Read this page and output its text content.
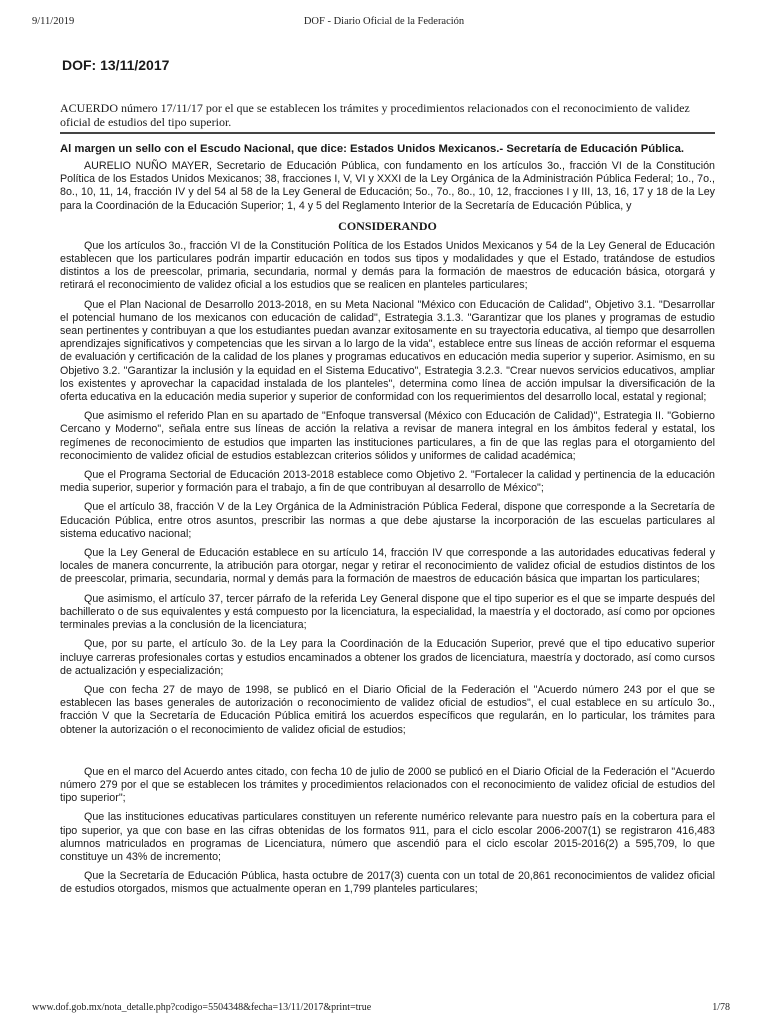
9/11/2019	DOF - Diario Oficial de la Federación
DOF: 13/11/2017

ACUERDO número 17/11/17 por el que se establecen los trámites y procedimientos relacionados con el reconocimiento de validez oficial de estudios del tipo superior.

Al margen un sello con el Escudo Nacional, que dice: Estados Unidos Mexicanos.- Secretaría de Educación Pública.

AURELIO NUÑO MAYER, Secretario de Educación Pública, con fundamento en los artículos 3o., fracción VI de la Constitución Política de los Estados Unidos Mexicanos; 38, fracciones I, V, VI y XXXI de la Ley Orgánica de la Administración Pública Federal; 1o., 7o., 8o., 10, 11, 14, fracción IV y del 54 al 58 de la Ley General de Educación; 5o., 7o., 8o., 10, 12, fracciones I y III, 13, 16, 17 y 18 de la Ley para la Coordinación de la Educación Superior; 1, 4 y 5 del Reglamento Interior de la Secretaría de Educación Pública, y

CONSIDERANDO

Que los artículos 3o., fracción VI de la Constitución Política de los Estados Unidos Mexicanos y 54 de la Ley General de Educación establecen que los particulares podrán impartir educación en todos sus tipos y modalidades y que el Estado, tratándose de estudios distintos a los de preescolar, primaria, secundaria, normal y demás para la formación de maestros de educación básica, otorgará y retirará el reconocimiento de validez oficial a los estudios que se realicen en planteles particulares;

Que el Plan Nacional de Desarrollo 2013-2018, en su Meta Nacional "México con Educación de Calidad", Objetivo 3.1. "Desarrollar el potencial humano de los mexicanos con educación de calidad", Estrategia 3.1.3. "Garantizar que los planes y programas de estudio sean pertinentes y contribuyan a que los estudiantes puedan avanzar exitosamente en su trayectoria educativa, al tiempo que desarrollen aprendizajes significativos y competencias que les sirvan a lo largo de la vida", establece entre sus líneas de acción reformar el esquema de evaluación y certificación de la calidad de los planes y programas educativos en educación media superior y superior. Asimismo, en su Objetivo 3.2. "Garantizar la inclusión y la equidad en el Sistema Educativo", Estrategia 3.2.3. "Crear nuevos servicios educativos, ampliar los existentes y aprovechar la capacidad instalada de los planteles", determina como línea de acción impulsar la diversificación de la oferta educativa en la educación media superior y superior de conformidad con los requerimientos del desarrollo local, estatal y regional;

Que asimismo el referido Plan en su apartado de "Enfoque transversal (México con Educación de Calidad)", Estrategia II. "Gobierno Cercano y Moderno", señala entre sus líneas de acción la relativa a revisar de manera integral en los ámbitos federal y estatal, los regímenes de reconocimiento de estudios que imparten las instituciones particulares, a fin de que las reglas para el otorgamiento del reconocimiento de validez oficial de estudios establezcan criterios sólidos y uniformes de calidad académica;

Que el Programa Sectorial de Educación 2013-2018 establece como Objetivo 2. "Fortalecer la calidad y pertinencia de la educación media superior, superior y formación para el trabajo, a fin de que contribuyan al desarrollo de México";

Que el artículo 38, fracción V de la Ley Orgánica de la Administración Pública Federal, dispone que corresponde a la Secretaría de Educación Pública, entre otros asuntos, prescribir las normas a que debe ajustarse la incorporación de las escuelas particulares al sistema educativo nacional;

Que la Ley General de Educación establece en su artículo 14, fracción IV que corresponde a las autoridades educativas federal y locales de manera concurrente, la atribución para otorgar, negar y retirar el reconocimiento de validez oficial de estudios distintos de los de preescolar, primaria, secundaria, normal y demás para la formación de maestros de educación básica que impartan los particulares;

Que asimismo, el artículo 37, tercer párrafo de la referida Ley General dispone que el tipo superior es el que se imparte después del bachillerato o de sus equivalentes y está compuesto por la licenciatura, la especialidad, la maestría y el doctorado, así como por opciones terminales previas a la conclusión de la licenciatura;

Que, por su parte, el artículo 3o. de la Ley para la Coordinación de la Educación Superior, prevé que el tipo educativo superior incluye carreras profesionales cortas y estudios encaminados a obtener los grados de licenciatura, maestría y doctorado, así como cursos de actualización y especialización;

Que con fecha 27 de mayo de 1998, se publicó en el Diario Oficial de la Federación el "Acuerdo número 243 por el que se establecen las bases generales de autorización o reconocimiento de validez oficial de estudios", el cual establece en su artículo 3o., fracción V que la Secretaría de Educación Pública emitirá los acuerdos específicos que regularán, en lo particular, los trámites para obtener la autorización o el reconocimiento de validez oficial de estudios;

Que en el marco del Acuerdo antes citado, con fecha 10 de julio de 2000 se publicó en el Diario Oficial de la Federación el "Acuerdo número 279 por el que se establecen los trámites y procedimientos relacionados con el reconocimiento de validez oficial de estudios del tipo superior";

Que las instituciones educativas particulares constituyen un referente numérico relevante para nuestro país en la cobertura para el tipo superior, ya que con base en las cifras obtenidas de los formatos 911, para el ciclo escolar 2006-2007(1) se registraron 416,483 alumnos matriculados en programas de Licenciatura, número que ascendió para el ciclo escolar 2015-2016(2) a 595,709, lo que constituye un 43% de incremento;

Que la Secretaría de Educación Pública, hasta octubre de 2017(3) cuenta con un total de 20,861 reconocimientos de validez oficial de estudios otorgados, mismos que actualmente operan en 1,799 planteles particulares;

www.dof.gob.mx/nota_detalle.php?codigo=5504348&fecha=13/11/2017&print=true	1/78
